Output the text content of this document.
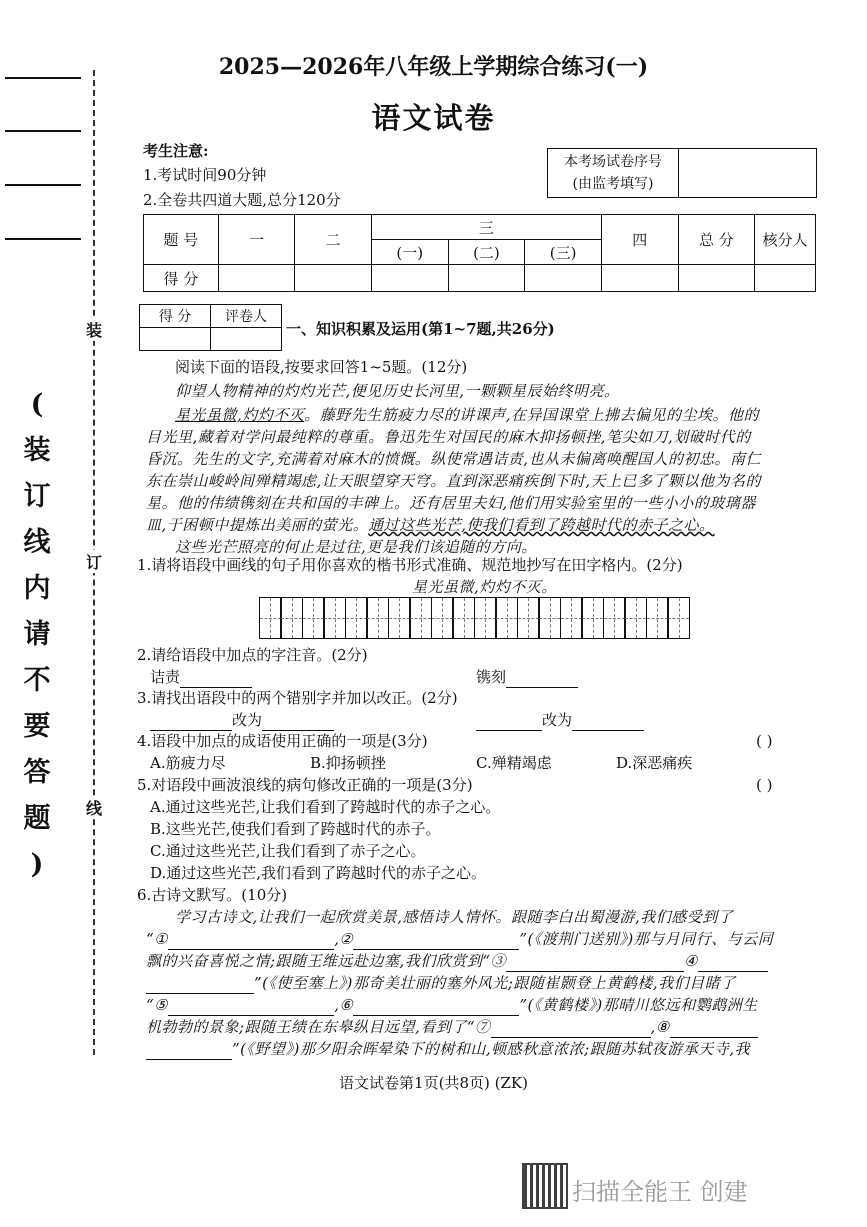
装
订
线
(
装
订
线
内
请
不
要
答
题
)
2025—2026年八年级上学期综合练习(一)
语文试卷
考生注意:
1.考试时间90分钟
2.全卷共四道大题,总分120分
本考场试卷序号
(由监考填写)

题 号	一	二	三			四	总 分	核分人
			(一)	(二)	(三)			
得 分								
得 分	评卷人

一、知识积累及运用(第1~7题,共26分)
阅读下面的语段,按要求回答1~5题。(12分)
仰望人物精神的灼灼光芒,便见历史长河里,一颗颗星辰始终明亮。
星光虽微,灼灼不灭。藤野先生筋疲力尽的讲课声,在异国课堂上拂去偏见的尘埃。他的
目光里,藏着对学问最纯粹的尊重。鲁迅先生对国民的麻木抑扬顿挫,笔尖如刀,划破时代的
昏沉。先生的文字,充满着对麻木的愤慨。纵使常遇诘责,也从未偏离唤醒国人的初忠。南仁
东在崇山峻岭间殚精竭虑,让天眼望穿天穹。直到深恶痛疾倒下时,天上已多了颗以他为名的
星。他的伟绩镌刻在共和国的丰碑上。还有居里夫妇,他们用实验室里的一些小小的玻璃器
皿,于困顿中提炼出美丽的萤光。通过这些光芒,使我们看到了跨越时代的赤子之心。
这些光芒照亮的何止是过往,更是我们该追随的方向。
1.请将语段中画线的句子用你喜欢的楷书形式准确、规范地抄写在田字格内。(2分)
星光虽微,灼灼不灭。
2.请给语段中加点的字注音。(2分)
诘责	镌刻
3.请找出语段中的两个错别字并加以改正。(2分)
改为	改为
4.语段中加点的成语使用正确的一项是(3分)	( )
A.筋疲力尽	B.抑扬顿挫	C.殚精竭虑	D.深恶痛疾
5.对语段中画波浪线的病句修改正确的一项是(3分)	( )
A.通过这些光芒,让我们看到了跨越时代的赤子之心。
B.这些光芒,使我们看到了跨越时代的赤子。
C.通过这些光芒,让我们看到了赤子之心。
D.通过这些光芒,我们看到了跨越时代的赤子之心。
6.古诗文默写。(10分)
学习古诗文,让我们一起欣赏美景,感悟诗人情怀。跟随李白出蜀漫游,我们感受到了
“①	,②	”(《渡荆门送别》)那与月同行、与云同
飘的兴奋喜悦之情;跟随王维远赴边塞,我们欣赏到“③	④
”(《使至塞上》)那奇美壮丽的塞外风光;跟随崔颢登上黄鹤楼,我们目睹了
“⑤	,⑥	”(《黄鹤楼》)那晴川悠远和鹦鹉洲生
机勃勃的景象;跟随王绩在东皋纵目远望,看到了“⑦	,⑧
”(《野望》)那夕阳余晖晕染下的树和山,顿感秋意浓浓;跟随苏轼夜游承天寺,我
语文试卷第1页(共8页) (ZK)
扫描全能王 创建
